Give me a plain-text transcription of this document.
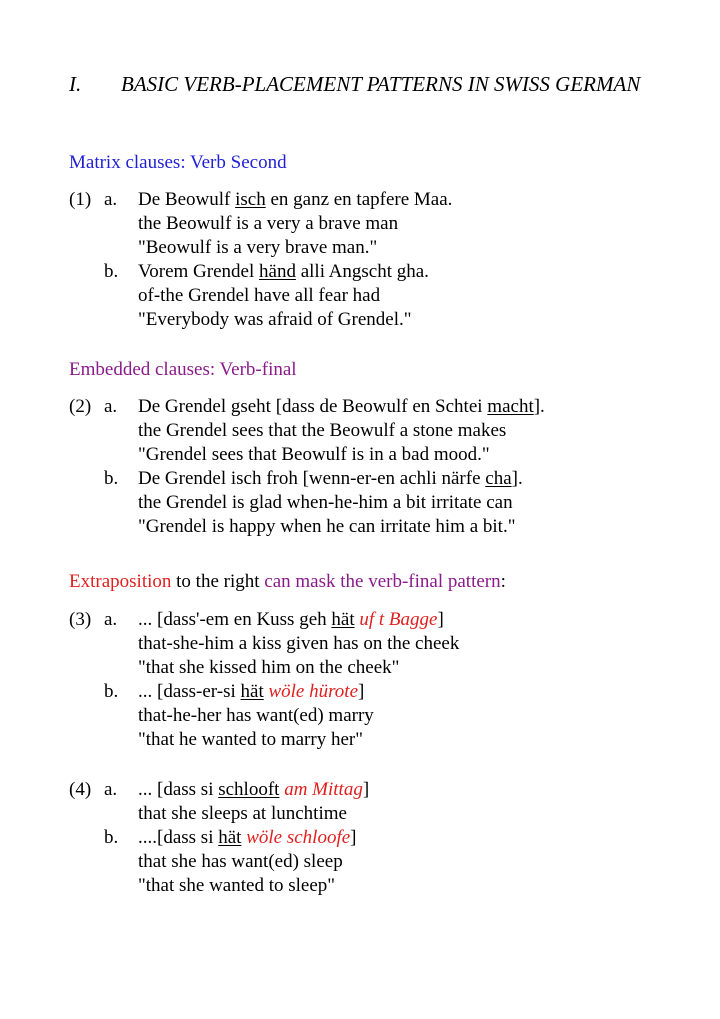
I. BASIC VERB-PLACEMENT PATTERNS IN SWISS GERMAN
Matrix clauses: Verb Second
(1) a. De Beowulf isch en ganz en tapfere Maa.
the Beowulf is a very a brave man
"Beowulf is a very brave man."
b. Vorem Grendel händ alli Angscht gha.
of-the Grendel have all fear had
"Everybody was afraid of Grendel."
Embedded clauses: Verb-final
(2) a. De Grendel gseht [dass de Beowulf en Schtei macht].
the Grendel sees that the Beowulf a stone makes
"Grendel sees that Beowulf is in a bad mood."
b. De Grendel isch froh [wenn-er-en achli närfe cha].
the Grendel is glad when-he-him a bit irritate can
"Grendel is happy when he can irritate him a bit."
Extraposition to the right can mask the verb-final pattern:
(3) a. ... [dass'-em en Kuss geh hät uf t Bagge]
that-she-him a kiss given has on the cheek
"that she kissed him on the cheek"
b. ... [dass-er-si hät wöle hürote]
that-he-her has want(ed) marry
"that he wanted to marry her"
(4) a. ... [dass si schlooft am Mittag]
that she sleeps at lunchtime
b. ....[dass si hät wöle schloofe]
that she has want(ed) sleep
"that she wanted to sleep"
